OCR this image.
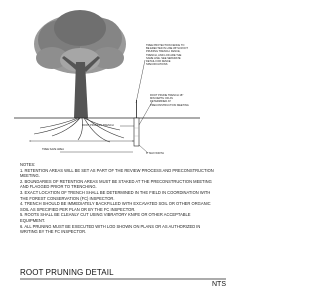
TREE PROTECTION FENCE TO
BE ERECTED IN LINE WITH ROOT
PRUNING TRENCH. FENCE,
TRENCH, AND LOD ARE THE
SAME LINE. SEE SEPARATE
DETAIL FOR FENCE
SPECIFICATIONS
ROOT PRUNE TRENCH 18"
MIN DEPTH OR AS
DETERMINED AT
PRECONSTRUCTION MEETING
ROOT PRUNING TRENCH
6" MAX WIDTH
TREE SAVE AREA
NOTES:
1. RETENTION AREAS WILL BE SET AS PART OF THE REVIEW PROCESS AND PRECONSTRUCTION MEETING.
2. BOUNDARIES OF RETENTION AREAS MUST BE STAKED AT THE PRECONSTRUCTION MEETING AND FLAGGED PRIOR TO TRENCHING.
3. EXACT LOCATION OF TRENCH SHALL BE DETERMINED IN THE FIELD IN COORDINATION WITH THE FOREST CONSERVATION (FC) INSPECTOR.
4. TRENCH SHOULD BE IMMEDIATELY BACKFILLED WITH EXCAVATED SOIL OR OTHER ORGANIC SOIL AS SPECIFIED PER PLAN OR BY THE FC INSPECTOR.
5. ROOTS SHALL BE CLEANLY CUT USING VIBRATORY KNIFE OR OTHER ACCEPTABLE EQUIPMENT.
6. ALL PRUNING MUST BE EXECUTED WITH LOD SHOWN ON PLANS OR AS AUTHORIZED IN WRITING BY THE FC INSPECTOR.
ROOT PRUNING DETAIL
NTS
